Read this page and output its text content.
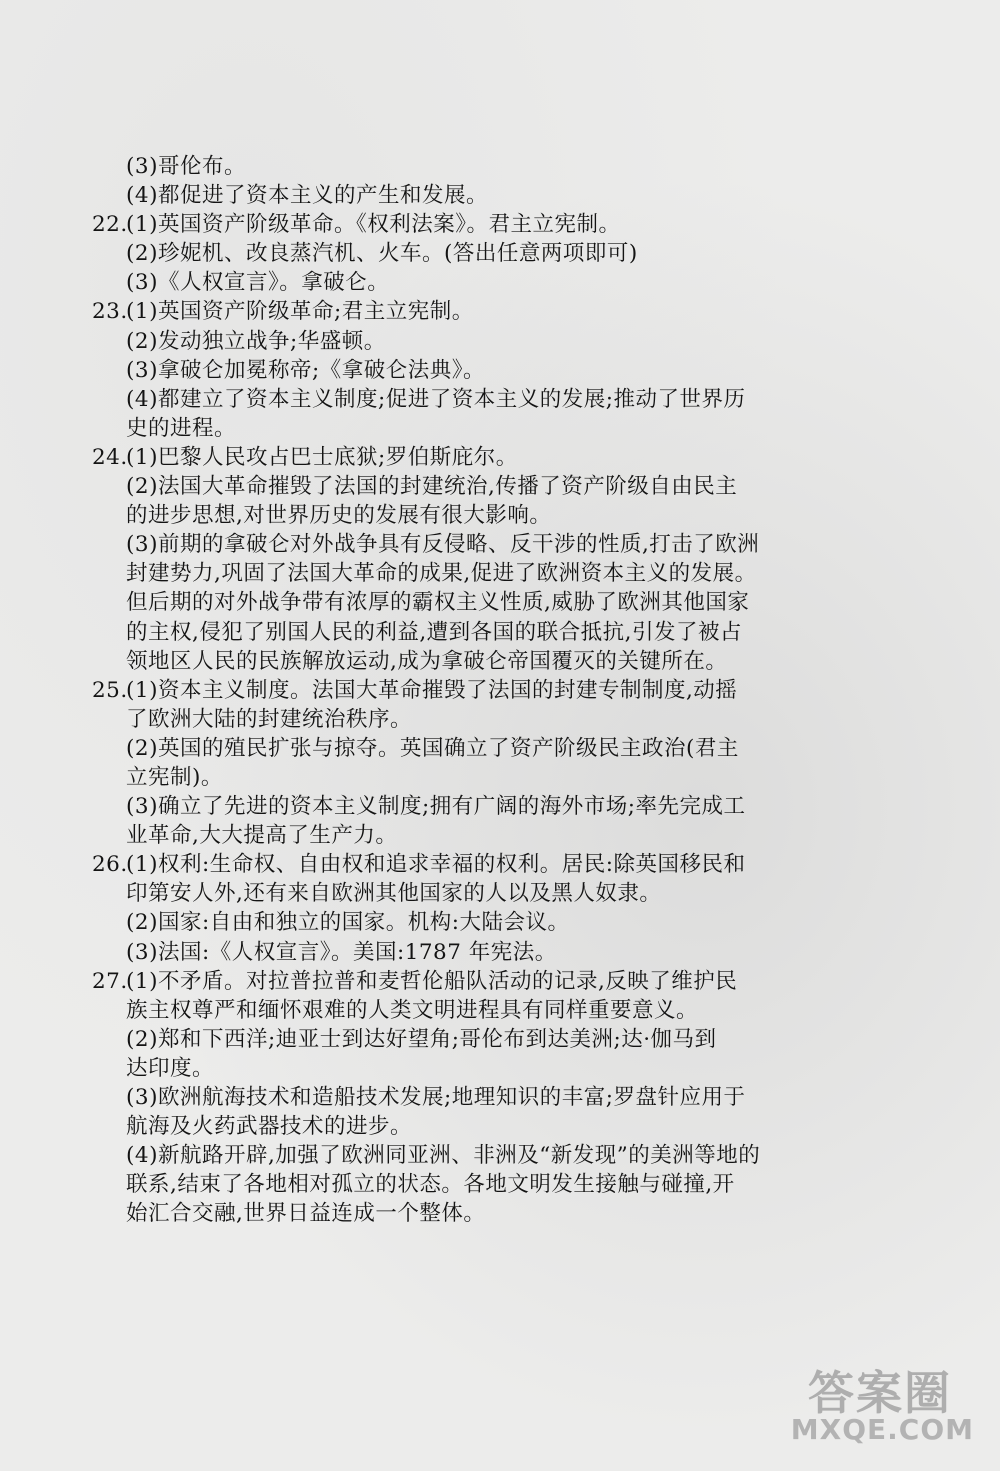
(3)哥伦布。
(4)都促进了资本主义的产生和发展。
22.
(1)英国资产阶级革命。《权利法案》。君主立宪制。
(2)珍妮机、改良蒸汽机、火车。(答出任意两项即可)
(3)《人权宣言》。拿破仑。
23.
(1)英国资产阶级革命;君主立宪制。
(2)发动独立战争;华盛顿。
(3)拿破仑加冕称帝;《拿破仑法典》。
(4)都建立了资本主义制度;促进了资本主义的发展;推动了世界历
史的进程。
24.
(1)巴黎人民攻占巴士底狱;罗伯斯庇尔。
(2)法国大革命摧毁了法国的封建统治,传播了资产阶级自由民主
的进步思想,对世界历史的发展有很大影响。
(3)前期的拿破仑对外战争具有反侵略、反干涉的性质,打击了欧洲
封建势力,巩固了法国大革命的成果,促进了欧洲资本主义的发展。
但后期的对外战争带有浓厚的霸权主义性质,威胁了欧洲其他国家
的主权,侵犯了别国人民的利益,遭到各国的联合抵抗,引发了被占
领地区人民的民族解放运动,成为拿破仑帝国覆灭的关键所在。
25.
(1)资本主义制度。法国大革命摧毁了法国的封建专制制度,动摇
了欧洲大陆的封建统治秩序。
(2)英国的殖民扩张与掠夺。英国确立了资产阶级民主政治(君主
立宪制)。
(3)确立了先进的资本主义制度;拥有广阔的海外市场;率先完成工
业革命,大大提高了生产力。
26.
(1)权利:生命权、自由权和追求幸福的权利。居民:除英国移民和
印第安人外,还有来自欧洲其他国家的人以及黑人奴隶。
(2)国家:自由和独立的国家。机构:大陆会议。
(3)法国:《人权宣言》。美国:1787 年宪法。
27.
(1)不矛盾。对拉普拉普和麦哲伦船队活动的记录,反映了维护民
族主权尊严和缅怀艰难的人类文明进程具有同样重要意义。
(2)郑和下西洋;迪亚士到达好望角;哥伦布到达美洲;达·伽马到
达印度。
(3)欧洲航海技术和造船技术发展;地理知识的丰富;罗盘针应用于
航海及火药武器技术的进步。
(4)新航路开辟,加强了欧洲同亚洲、非洲及“新发现”的美洲等地的
联系,结束了各地相对孤立的状态。各地文明发生接触与碰撞,开
始汇合交融,世界日益连成一个整体。
答案圈
MXQE.COM
